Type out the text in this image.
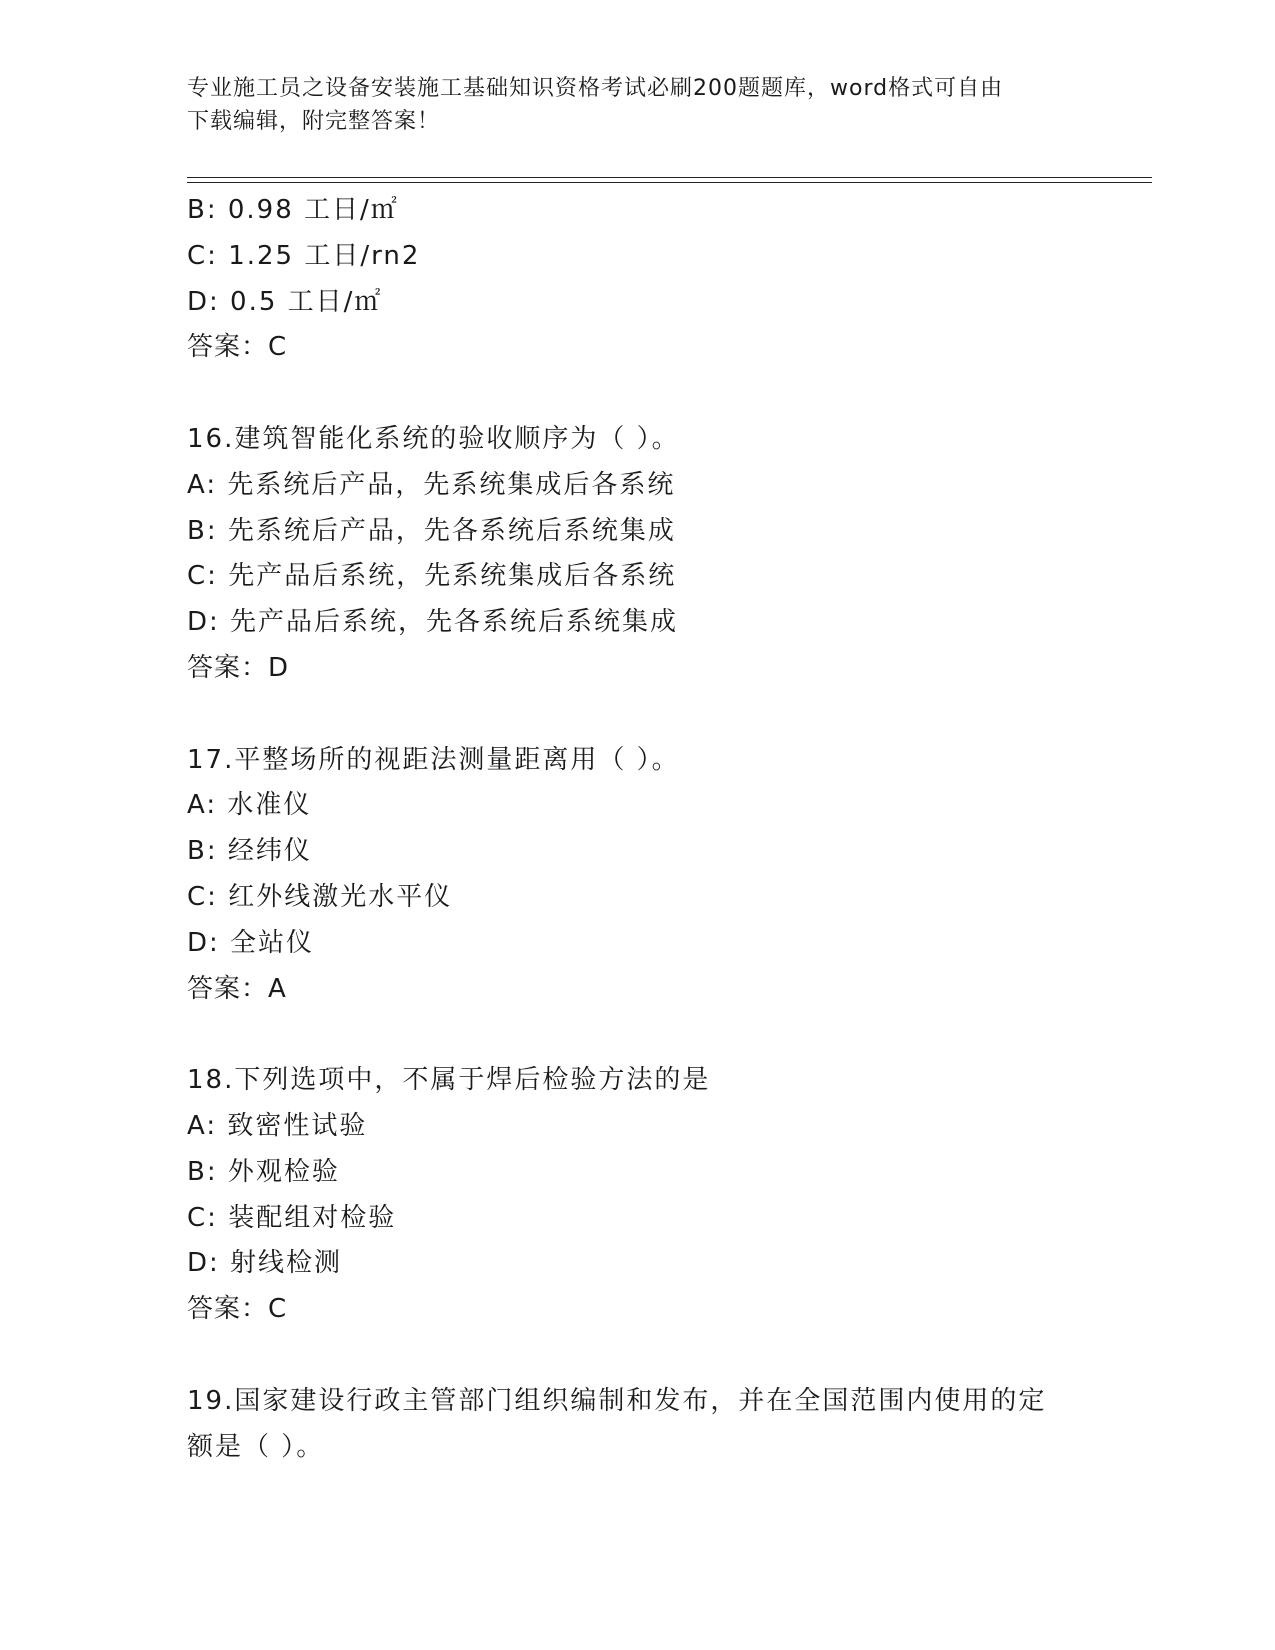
专业施工员之设备安装施工基础知识资格考试必刷200题题库，word格式可自由
下载编辑，附完整答案！
B: 0.98 工日/㎡
C: 1.25 工日/rn2
D: 0.5 工日/㎡
答案：C
16.建筑智能化系统的验收顺序为（ ）。
A: 先系统后产品，先系统集成后各系统
B: 先系统后产品，先各系统后系统集成
C: 先产品后系统，先系统集成后各系统
D: 先产品后系统，先各系统后系统集成
答案：D
17.平整场所的视距法测量距离用（ ）。
A: 水准仪
B: 经纬仪
C: 红外线激光水平仪
D: 全站仪
答案：A
18.下列选项中，不属于焊后检验方法的是
A: 致密性试验
B: 外观检验
C: 装配组对检验
D: 射线检测
答案：C
19.国家建设行政主管部门组织编制和发布，并在全国范围内使用的定
额是（ ）。
